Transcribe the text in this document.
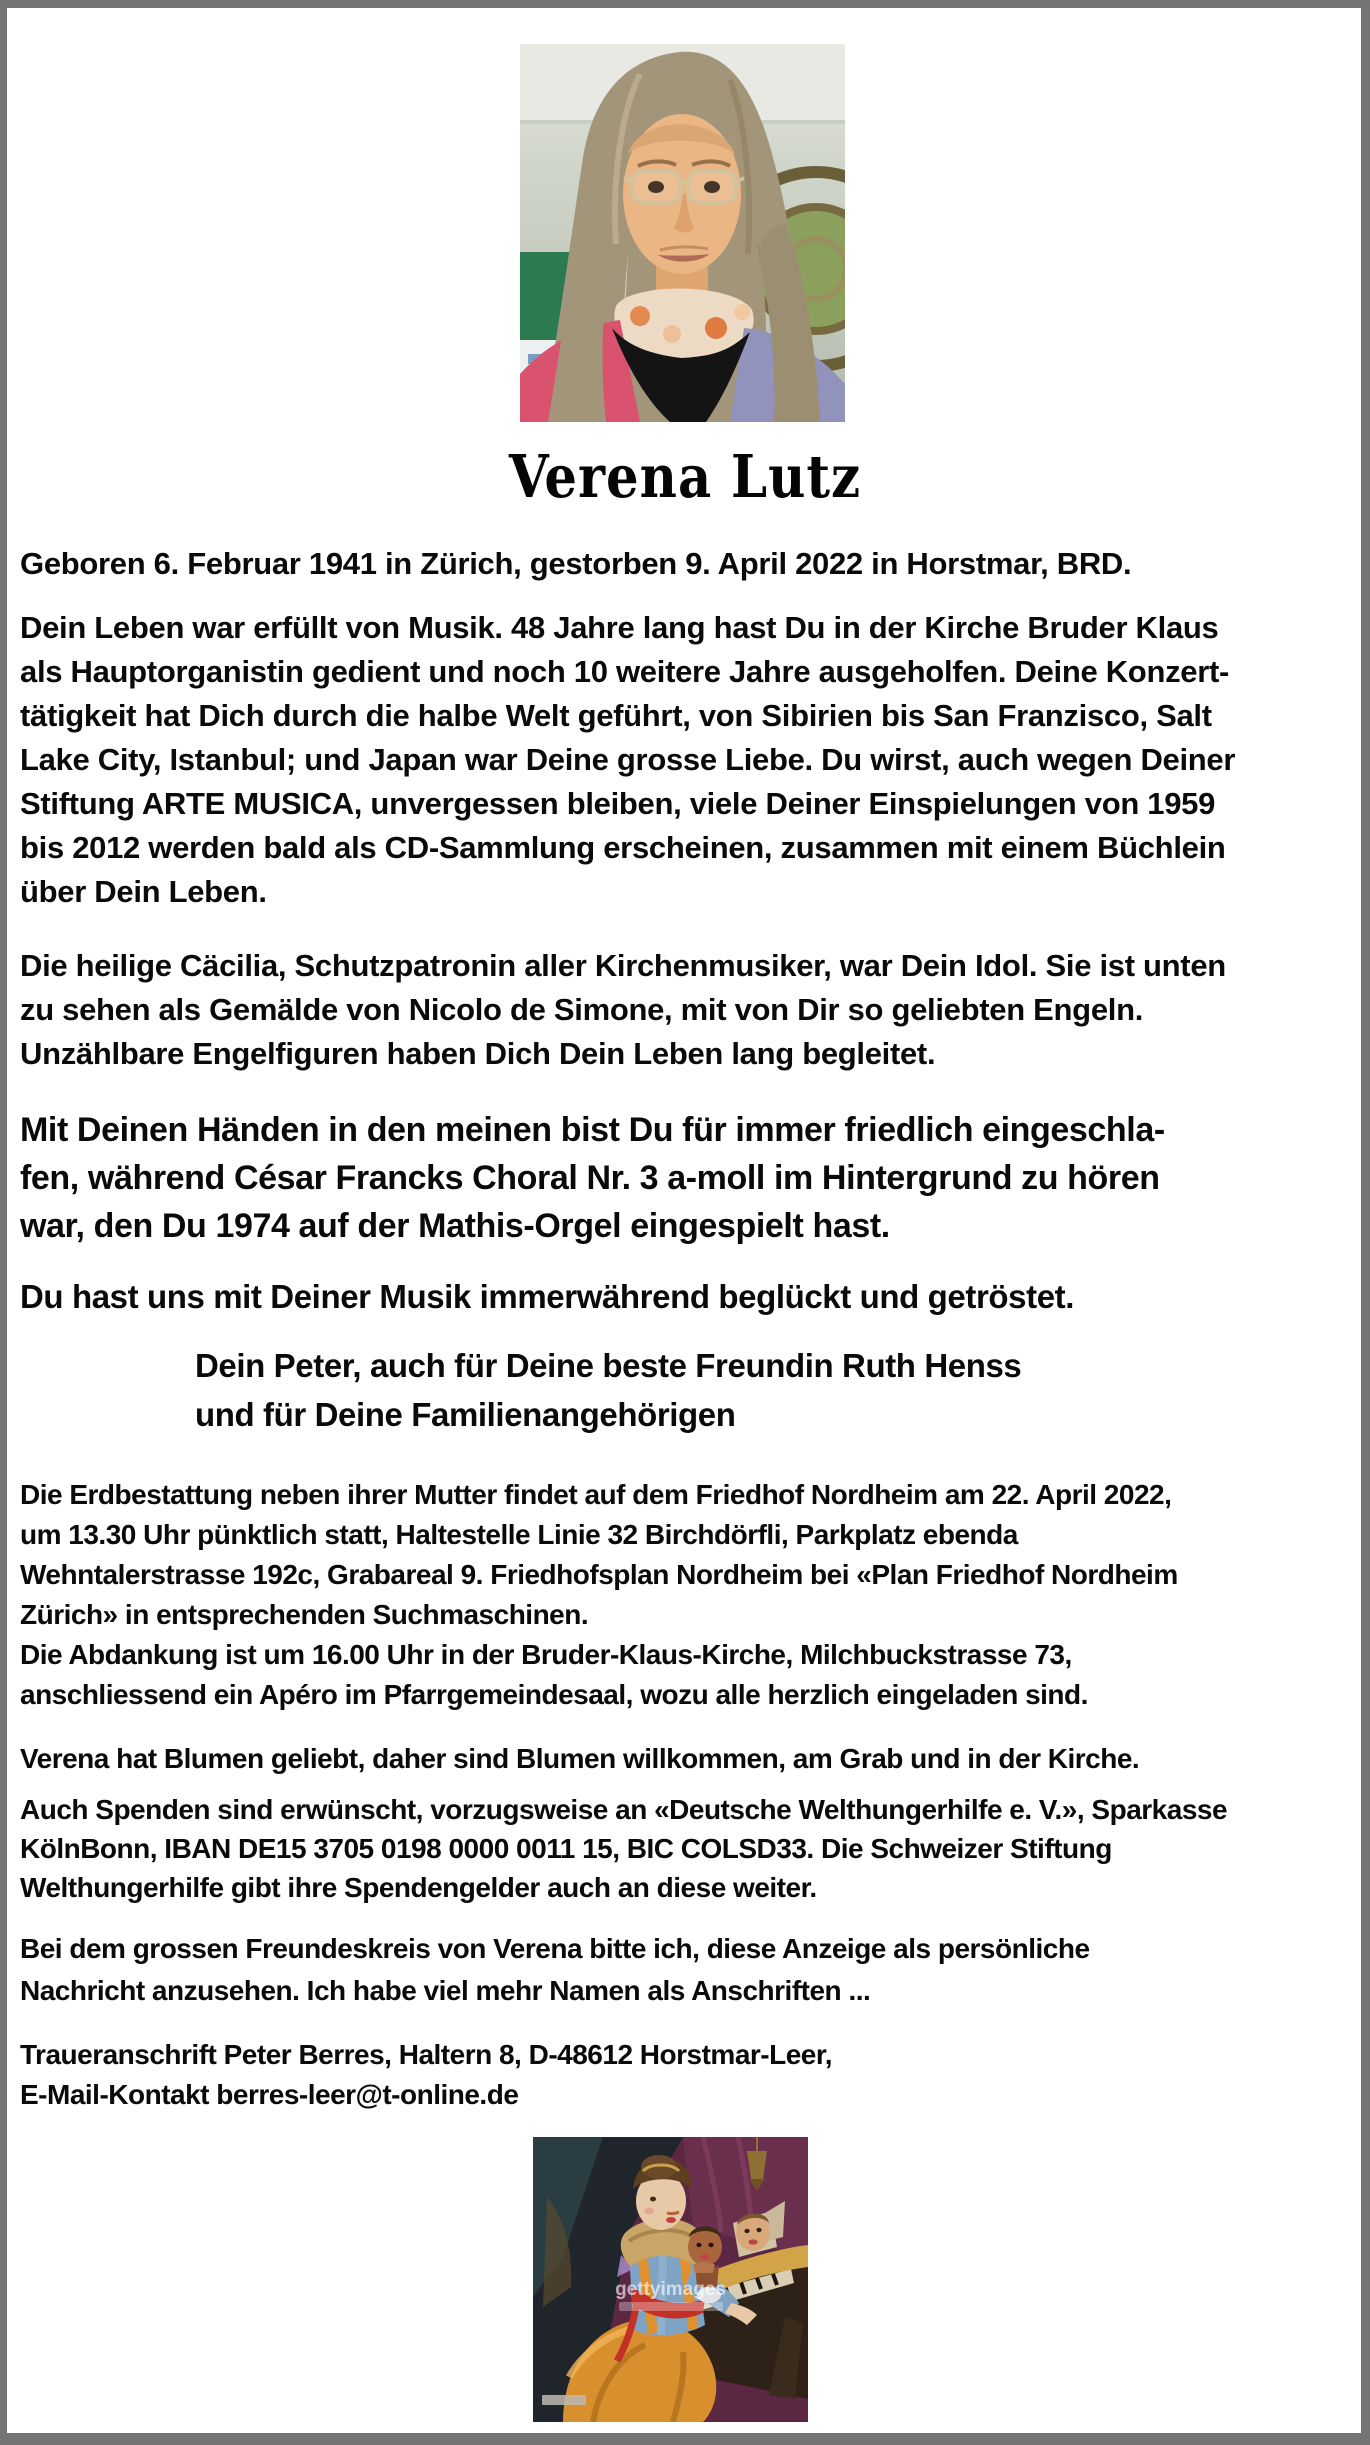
Verena Lutz
Geboren 6. Februar 1941 in Zürich, gestorben 9. April 2022 in Horstmar, BRD.
Dein Leben war erfüllt von Musik. 48 Jahre lang hast Du in der Kirche Bruder Klaus
als Hauptorganistin gedient und noch 10 weitere Jahre ausgeholfen. Deine Konzert-
tätigkeit hat Dich durch die halbe Welt geführt, von Sibirien bis San Franzisco, Salt
Lake City, Istanbul; und Japan war Deine grosse Liebe. Du wirst, auch wegen Deiner
Stiftung ARTE MUSICA, unvergessen bleiben, viele Deiner Einspielungen von 1959
bis 2012 werden bald als CD-Sammlung erscheinen, zusammen mit einem Büchlein
über Dein Leben.
Die heilige Cäcilia, Schutzpatronin aller Kirchenmusiker, war Dein Idol. Sie ist unten
zu sehen als Gemälde von Nicolo de Simone, mit von Dir so geliebten Engeln.
Unzählbare Engelfiguren haben Dich Dein Leben lang begleitet.
Mit Deinen Händen in den meinen bist Du für immer friedlich eingeschla-
fen, während César Francks Choral Nr. 3 a-moll im Hintergrund zu hören
war, den Du 1974 auf der Mathis-Orgel eingespielt hast.
Du hast uns mit Deiner Musik immerwährend beglückt und getröstet.
Dein Peter, auch für Deine beste Freundin Ruth Henss
und für Deine Familienangehörigen
Die Erdbestattung neben ihrer Mutter findet auf dem Friedhof Nordheim am 22. April 2022,
um 13.30 Uhr pünktlich statt, Haltestelle Linie 32 Birchdörfli, Parkplatz ebenda
Wehntalerstrasse 192c, Grabareal 9. Friedhofsplan Nordheim bei «Plan Friedhof Nordheim
Zürich» in entsprechenden Suchmaschinen.
Die Abdankung ist um 16.00 Uhr in der Bruder-Klaus-Kirche, Milchbuckstrasse 73,
anschliessend ein Apéro im Pfarrgemeindesaal, wozu alle herzlich eingeladen sind.
Verena hat Blumen geliebt, daher sind Blumen willkommen, am Grab und in der Kirche.
Auch Spenden sind erwünscht, vorzugsweise an «Deutsche Welthungerhilfe e. V.», Sparkasse
KölnBonn, IBAN DE15 3705 0198 0000 0011 15, BIC COLSD33. Die Schweizer Stiftung
Welthungerhilfe gibt ihre Spendengelder auch an diese weiter.
Bei dem grossen Freundeskreis von Verena bitte ich, diese Anzeige als persönliche
Nachricht anzusehen. Ich habe viel mehr Namen als Anschriften ...
Traueranschrift Peter Berres, Haltern 8, D-48612 Horstmar-Leer,
E-Mail-Kontakt berres-leer@t-online.de
gettyimages
